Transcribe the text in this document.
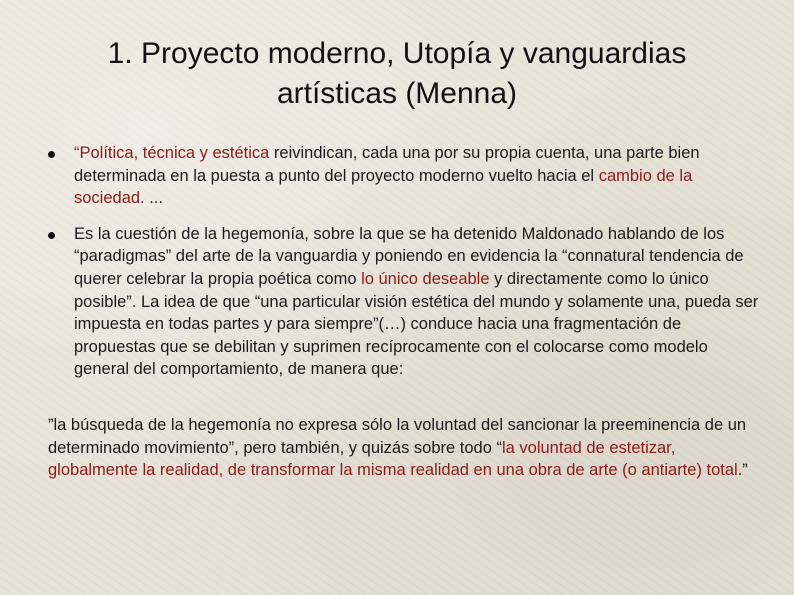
1. Proyecto moderno, Utopía y vanguardias
artísticas (Menna)
“Política, técnica y estética reivindican, cada una por su propia cuenta, una parte bien determinada en la puesta a punto del proyecto moderno vuelto hacia el cambio de la sociedad. ...
Es la cuestión de la hegemonía, sobre la que se ha detenido Maldonado hablando de los “paradigmas” del arte de la vanguardia y poniendo en evidencia la “connatural tendencia de querer celebrar la propia poética como lo único deseable y directamente como lo único posible”. La idea de que “una particular visión estética del mundo y solamente una, pueda ser impuesta en todas partes y para siempre”(…) conduce hacia una fragmentación de propuestas que se debilitan y suprimen recíprocamente con el colocarse como modelo general del comportamiento, de manera que:

”la búsqueda de la hegemonía no expresa sólo la voluntad del sancionar la preeminencia de un determinado movimiento”, pero también, y quizás sobre todo “la voluntad de estetizar, globalmente la realidad, de transformar la misma realidad en una obra de arte (o antiarte) total.”
